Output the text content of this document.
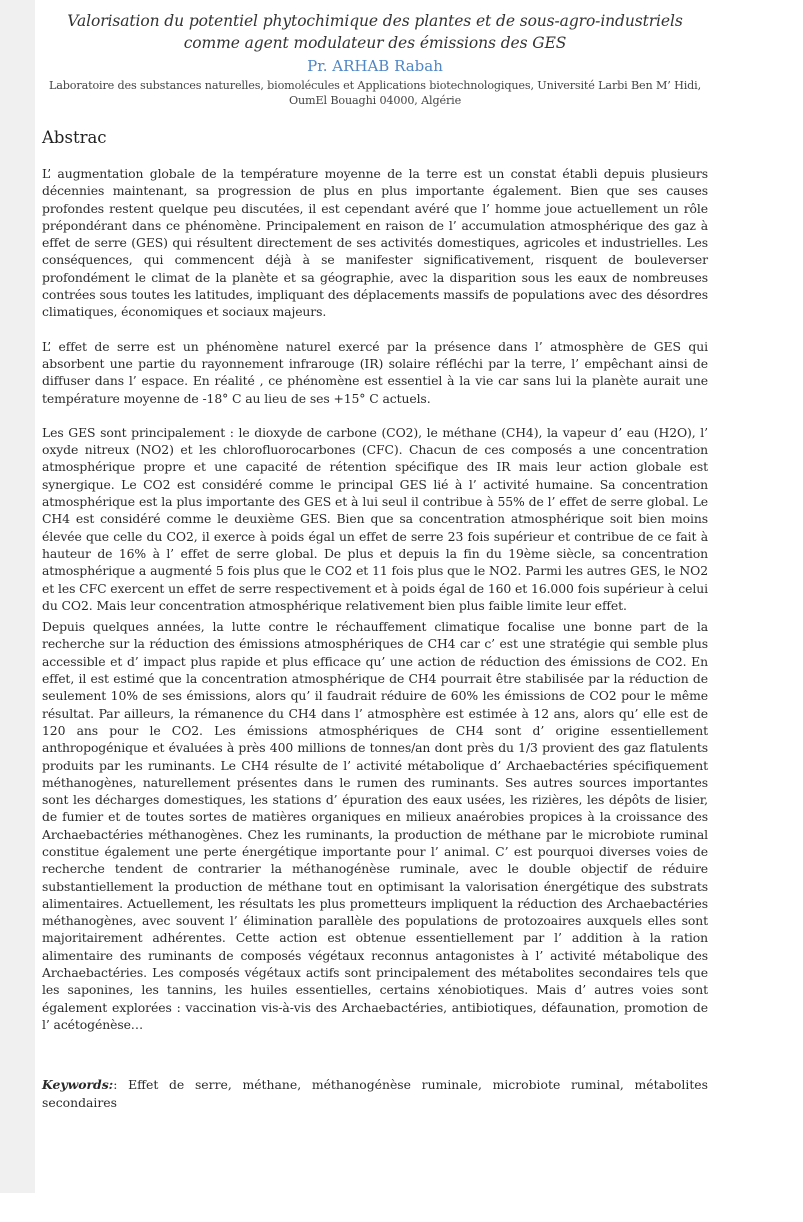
Valorisation du potentiel phytochimique des plantes et de sous-agro-industriels comme agent modulateur des émissions des GES
Pr. ARHAB Rabah
Laboratoire des substances naturelles, biomolécules et Applications biotechnologiques, Université Larbi Ben M’ Hidi, OumEl Bouaghi 04000, Algérie
Abstrac

L’ augmentation globale de la température moyenne de la terre est un constat établi depuis plusieurs décennies maintenant, sa progression de plus en plus importante également. Bien que ses causes profondes restent quelque peu discutées, il est cependant avéré que l’ homme joue actuellement un rôle prépondérant dans ce phénomène. Principalement en raison de l’ accumulation atmosphérique des gaz à effet de serre (GES) qui résultent directement de ses activités domestiques, agricoles et industrielles. Les conséquences, qui commencent déjà à se manifester significativement, risquent de bouleverser profondément le climat de la planète et sa géographie, avec la disparition sous les eaux de nombreuses contrées sous toutes les latitudes, impliquant des déplacements massifs de populations avec des désordres climatiques, économiques et sociaux majeurs.

L’ effet de serre est un phénomène naturel exercé par la présence dans l’ atmosphère de GES qui absorbent une partie du rayonnement infrarouge (IR) solaire réfléchi par la terre, l’ empêchant ainsi de diffuser dans l’ espace. En réalité , ce phénomène est essentiel à la vie car sans lui la planète aurait une température moyenne de -18° C au lieu de ses +15° C actuels.

Les GES sont principalement : le dioxyde de carbone (CO2), le méthane (CH4), la vapeur d’ eau (H2O), l’ oxyde nitreux (NO2) et les chlorofluorocarbones (CFC). Chacun de ces composés a une concentration atmosphérique propre et une capacité de rétention spécifique des IR mais leur action globale est synergique. Le CO2 est considéré comme le principal GES lié à l’ activité humaine. Sa concentration atmosphérique est la plus importante des GES et à lui seul il contribue à 55% de l’ effet de serre global. Le CH4 est considéré comme le deuxième GES. Bien que sa concentration atmosphérique soit bien moins élevée que celle du CO2, il exerce à poids égal un effet de serre 23 fois supérieur et contribue de ce fait à hauteur de 16% à l’ effet de serre global. De plus et depuis la fin du 19ème siècle, sa concentration atmosphérique a augmenté 5 fois plus que le CO2 et 11 fois plus que le NO2. Parmi les autres GES, le NO2 et les CFC exercent un effet de serre respectivement et à poids égal de 160 et 16.000 fois supérieur à celui du CO2. Mais leur concentration atmosphérique relativement bien plus faible limite leur effet.

Depuis quelques années, la lutte contre le réchauffement climatique focalise une bonne part de la recherche sur la réduction des émissions atmosphériques de CH4 car c’ est une stratégie qui semble plus accessible et d’ impact plus rapide et plus efficace qu’ une action de réduction des émissions de CO2. En effet, il est estimé que la concentration atmosphérique de CH4 pourrait être stabilisée par la réduction de seulement 10% de ses émissions, alors qu’ il faudrait réduire de 60% les émissions de CO2 pour le même résultat. Par ailleurs, la rémanence du CH4 dans l’ atmosphère est estimée à 12 ans, alors qu’ elle est de 120 ans pour le CO2. Les émissions atmosphériques de CH4 sont d’ origine essentiellement anthropogénique et évaluées à près 400 millions de tonnes/an dont près du 1/3 provient des gaz flatulents produits par les ruminants. Le CH4 résulte de l’ activité métabolique d’ Archaebactéries spécifiquement méthanogènes, naturellement présentes dans le rumen des ruminants. Ses autres sources importantes sont les décharges domestiques, les stations d’ épuration des eaux usées, les rizières, les dépôts de lisier, de fumier et de toutes sortes de matières organiques en milieux anaérobies propices à la croissance des Archaebactéries méthanogènes. Chez les ruminants, la production de méthane par le microbiote ruminal constitue également une perte énergétique importante pour l’ animal. C’ est pourquoi diverses voies de recherche tendent de contrarier la méthanogénèse ruminale, avec le double objectif de réduire substantiellement la production de méthane tout en optimisant la valorisation énergétique des substrats alimentaires. Actuellement, les résultats les plus prometteurs impliquent la réduction des Archaebactéries méthanogènes, avec souvent l’ élimination parallèle des populations de protozoaires auxquels elles sont majoritairement adhérentes. Cette action est obtenue essentiellement par l’ addition à la ration alimentaire des ruminants de composés végétaux reconnus antagonistes à l’ activité métabolique des Archaebactéries. Les composés végétaux actifs sont principalement des métabolites secondaires tels que les saponines, les tannins, les huiles essentielles, certains xénobiotiques. Mais d’ autres voies sont également explorées : vaccination vis-à-vis des Archaebactéries, antibiotiques, défaunation, promotion de l’ acétogénèse…

Keywords:: Effet de serre, méthane, méthanogénèse ruminale, microbiote ruminal, métabolites secondaires
